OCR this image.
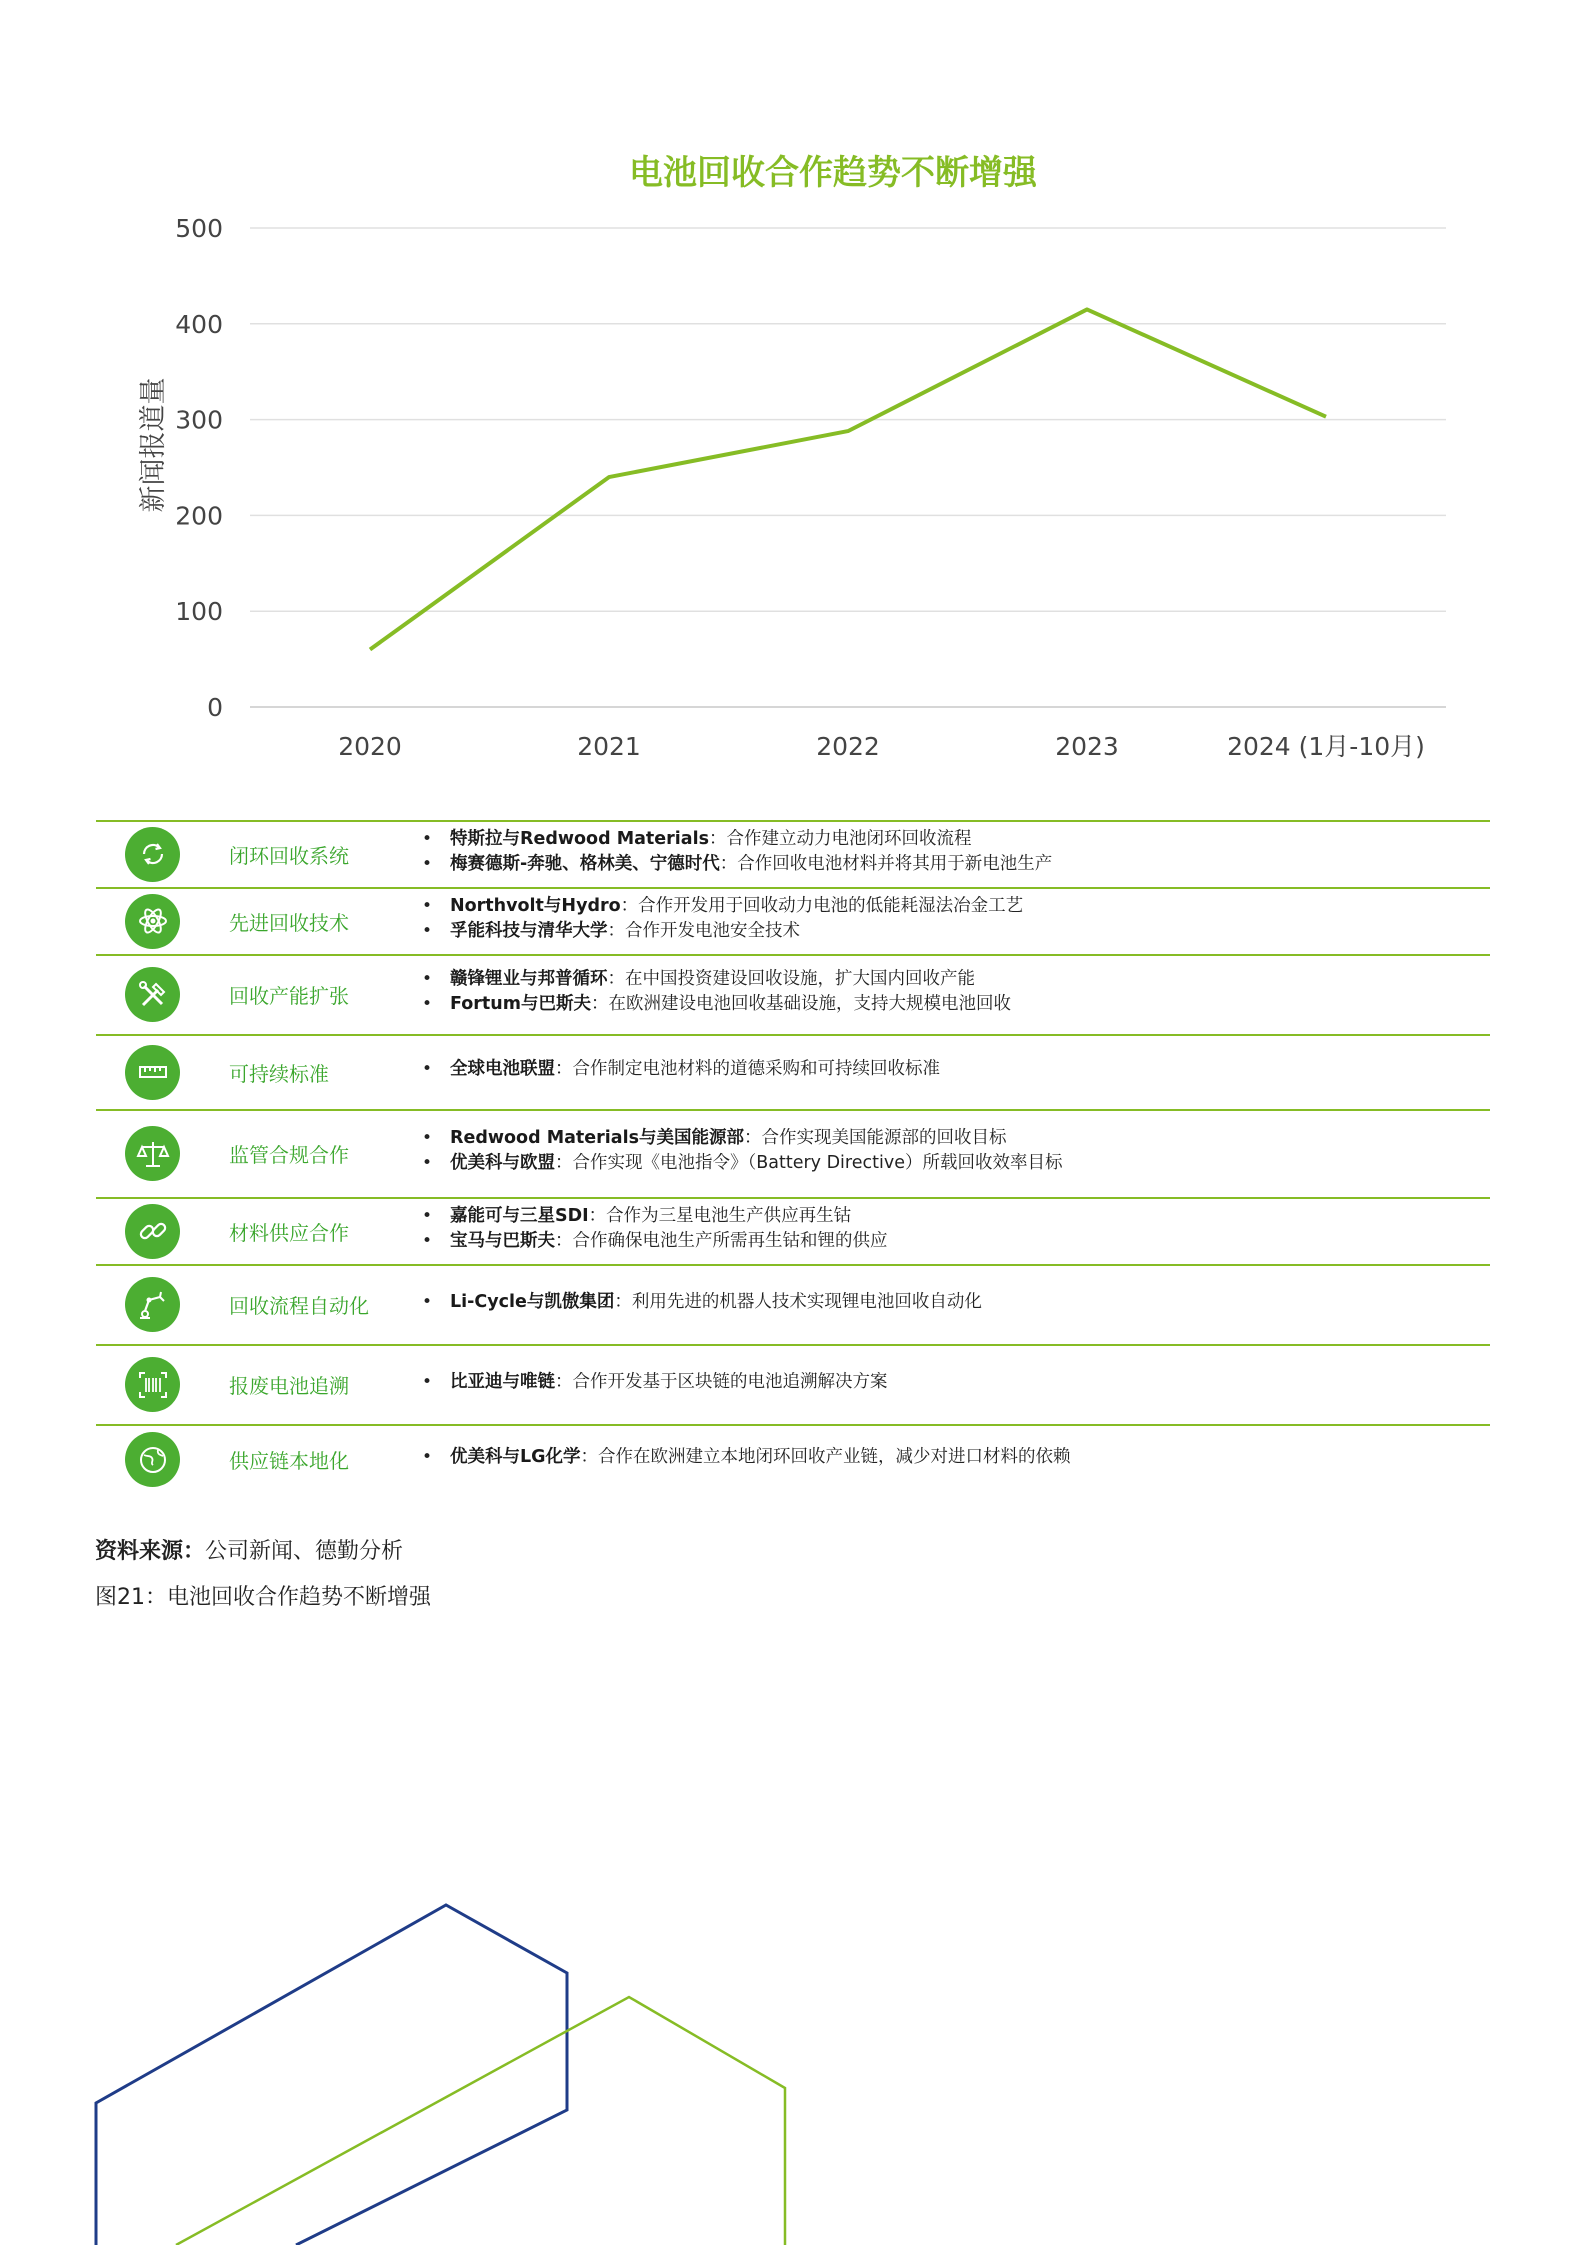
电池回收合作趋势不断增强
0
100
200
300
400
500
2020	2021	2022	2023	2024 (1月-10月)
新闻报道量
闭环回收系统
• 特斯拉与Redwood Materials：合作建立动力电池闭环回收流程
• 梅赛德斯-奔驰、格林美、宁德时代：合作回收电池材料并将其用于新电池生产
先进回收技术
• Northvolt与Hydro：合作开发用于回收动力电池的低能耗湿法冶金工艺
• 孚能科技与清华大学：合作开发电池安全技术
回收产能扩张
• 赣锋锂业与邦普循环：在中国投资建设回收设施，扩大国内回收产能
• Fortum与巴斯夫：在欧洲建设电池回收基础设施，支持大规模电池回收
可持续标准	• 全球电池联盟：合作制定电池材料的道德采购和可持续回收标准
监管合规合作
• Redwood Materials与美国能源部：合作实现美国能源部的回收目标
• 优美科与欧盟：合作实现《电池指令》（Battery Directive）所载回收效率目标
材料供应合作
• 嘉能可与三星SDI：合作为三星电池生产供应再生钴
• 宝马与巴斯夫：合作确保电池生产所需再生钴和锂的供应
回收流程自动化	• Li-Cycle与凯傲集团：利用先进的机器人技术实现锂电池回收自动化
报废电池追溯	• 比亚迪与唯链：合作开发基于区块链的电池追溯解决方案
供应链本地化	• 优美科与LG化学：合作在欧洲建立本地闭环回收产业链，减少对进口材料的依赖
资料来源：公司新闻、德勤分析
图21：电池回收合作趋势不断增强
